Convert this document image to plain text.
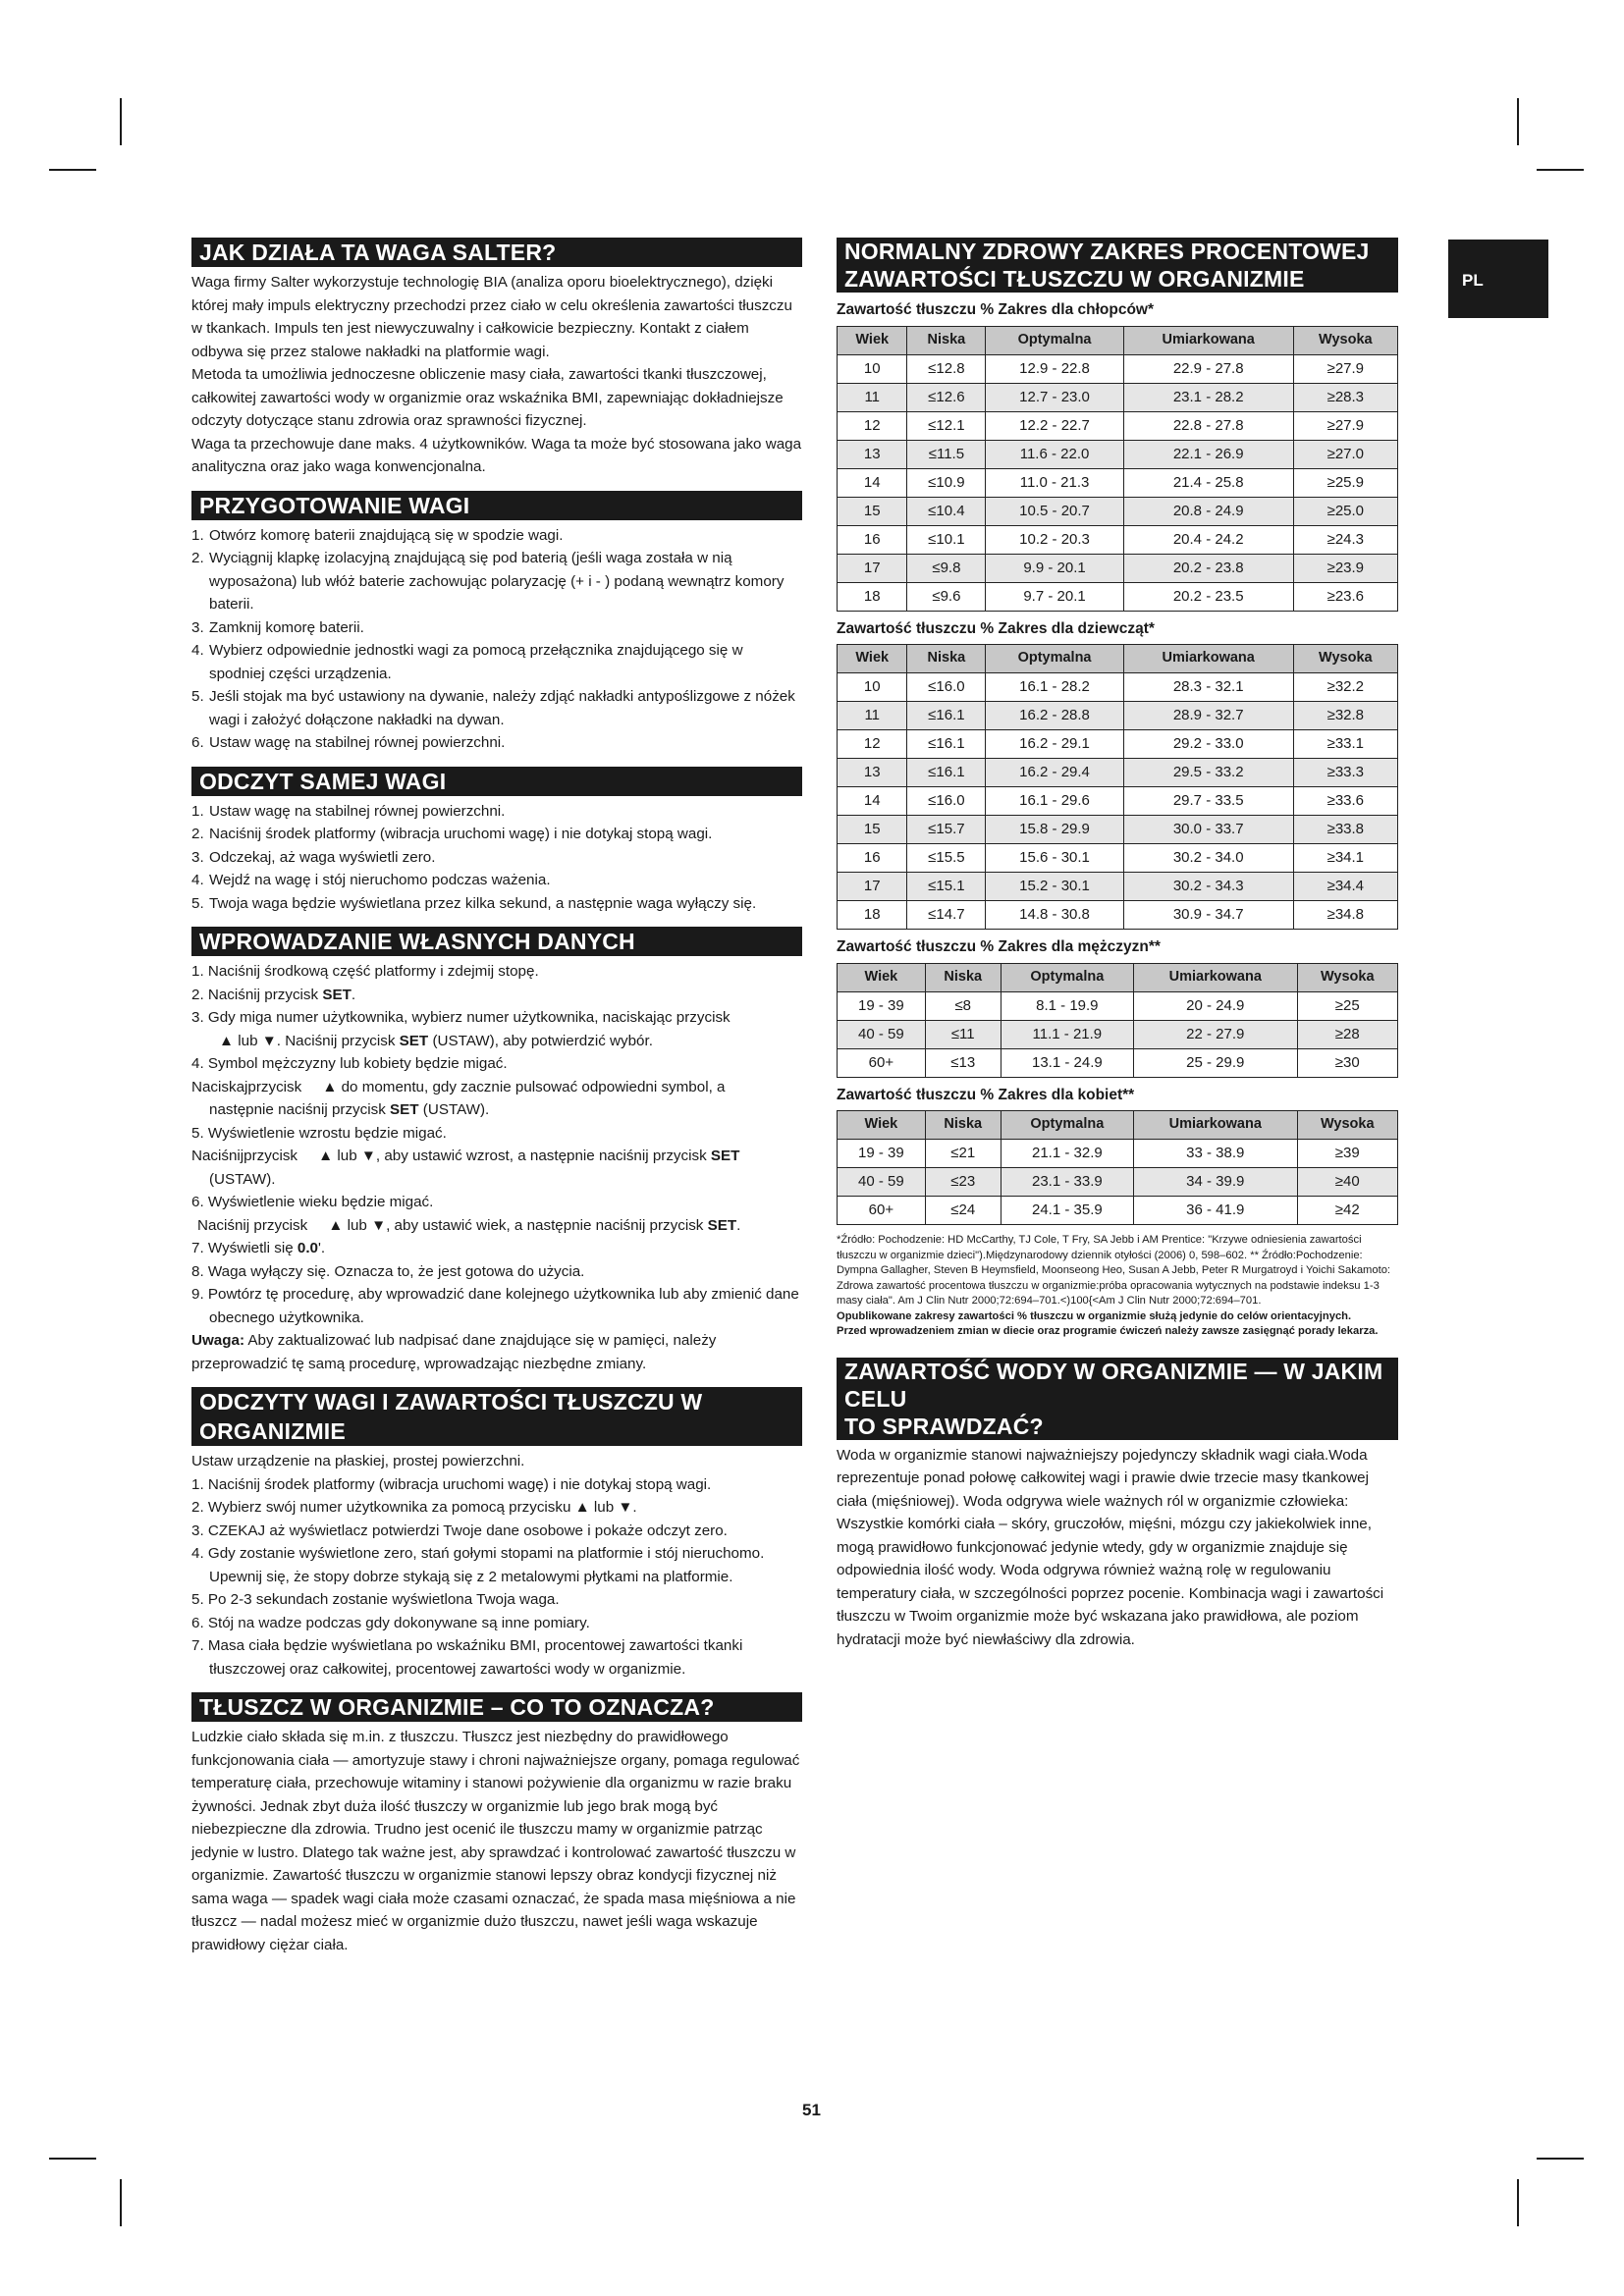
PL
JAK DZIAŁA TA WAGA SALTER?

Waga firmy Salter wykorzystuje technologię BIA (analiza oporu bioelektrycznego), dzięki której mały impuls elektryczny przechodzi przez ciało w celu określenia zawartości tłuszczu w tkankach. Impuls ten jest niewyczuwalny i całkowicie bezpieczny. Kontakt z ciałem odbywa się przez stalowe nakładki na platformie wagi.

Metoda ta umożliwia jednoczesne obliczenie masy ciała, zawartości tkanki tłuszczowej, całkowitej zawartości wody w organizmie oraz wskaźnika BMI, zapewniając dokładniejsze odczyty dotyczące stanu zdrowia oraz sprawności fizycznej.

Waga ta przechowuje dane maks. 4 użytkowników. Waga ta może być stosowana jako waga analityczna oraz jako waga konwencjonalna.

PRZYGOTOWANIE WAGI
1. Otwórz komorę baterii znajdującą się w spodzie wagi.
2. Wyciągnij klapkę izolacyjną znajdującą się pod baterią (jeśli waga została w nią wyposażona) lub włóż baterie zachowując polaryzację (+ i - ) podaną wewnątrz komory baterii.
3. Zamknij komorę baterii.
4. Wybierz odpowiednie jednostki wagi za pomocą przełącznika znajdującego się w spodniej części urządzenia.
5. Jeśli stojak ma być ustawiony na dywanie, należy zdjąć nakładki antypoślizgowe z nóżek wagi i założyć dołączone nakładki na dywan.
6. Ustaw wagę na stabilnej równej powierzchni.
ODCZYT SAMEJ WAGI
1. Ustaw wagę na stabilnej równej powierzchni.
2. Naciśnij środek platformy (wibracja uruchomi wagę) i nie dotykaj stopą wagi.
3. Odczekaj, aż waga wyświetli zero.
4. Wejdź na wagę i stój nieruchomo podczas ważenia.
5. Twoja waga będzie wyświetlana przez kilka sekund, a następnie waga wyłączy się.
WPROWADZANIE WŁASNYCH DANYCH

1. Naciśnij środkową część platformy i zdejmij stopę.

2. Naciśnij przycisk SET.

3. Gdy miga numer użytkownika, wybierz numer użytkownika, naciskając przycisk

▲ lub ▼. Naciśnij przycisk SET (USTAW), aby potwierdzić wybór.

4. Symbol mężczyzny lub kobiety będzie migać.

Naciskajprzycisk     ▲ do momentu, gdy zacznie pulsować odpowiedni symbol, a

następnie naciśnij przycisk SET (USTAW).

5. Wyświetlenie wzrostu będzie migać.

Naciśnijprzycisk     ▲ lub ▼, aby ustawić wzrost, a następnie naciśnij przycisk SET

(USTAW).

6. Wyświetlenie wieku będzie migać.

Naciśnij przycisk     ▲ lub ▼, aby ustawić wiek, a następnie naciśnij przycisk SET.

7. Wyświetli się 0.0'.

8. Waga wyłączy się. Oznacza to, że jest gotowa do użycia.

9. Powtórz tę procedurę, aby wprowadzić dane kolejnego użytkownika lub aby zmienić dane obecnego użytkownika.

Uwaga: Aby zaktualizować lub nadpisać dane znajdujące się w pamięci, należy przeprowadzić tę samą procedurę, wprowadzając niezbędne zmiany.

ODCZYTY WAGI I ZAWARTOŚCI TŁUSZCZU W ORGANIZMIE

Ustaw urządzenie na płaskiej, prostej powierzchni.

1. Naciśnij środek platformy (wibracja uruchomi wagę) i nie dotykaj stopą wagi.

2. Wybierz swój numer użytkownika za pomocą przycisku ▲ lub ▼.

3. CZEKAJ aż wyświetlacz potwierdzi Twoje dane osobowe i pokaże odczyt zero.

4. Gdy zostanie wyświetlone zero, stań gołymi stopami na platformie i stój nieruchomo. Upewnij się, że stopy dobrze stykają się z 2 metalowymi płytkami na platformie.

5. Po 2-3 sekundach zostanie wyświetlona Twoja waga.

6. Stój na wadze podczas gdy dokonywane są inne pomiary.

7. Masa ciała będzie wyświetlana po wskaźniku BMI, procentowej zawartości tkanki tłuszczowej oraz całkowitej, procentowej zawartości wody w organizmie.

TŁUSZCZ W ORGANIZMIE – CO TO OZNACZA?

Ludzkie ciało składa się m.in. z tłuszczu. Tłuszcz jest niezbędny do prawidłowego funkcjonowania ciała — amortyzuje stawy i chroni najważniejsze organy, pomaga regulować temperaturę ciała, przechowuje witaminy i stanowi pożywienie dla organizmu w razie braku żywności. Jednak zbyt duża ilość tłuszczy w organizmie lub jego brak mogą być niebezpieczne dla zdrowia. Trudno jest ocenić ile tłuszczu mamy w organizmie patrząc jedynie w lustro. Dlatego tak ważne jest, aby sprawdzać i kontrolować zawartość tłuszczu w organizmie. Zawartość tłuszczu w organizmie stanowi lepszy obraz kondycji fizycznej niż sama waga — spadek wagi ciała może czasami oznaczać, że spada masa mięśniowa a nie tłuszcz — nadal możesz mieć w organizmie dużo tłuszczu, nawet jeśli waga wskazuje prawidłowy ciężar ciała.

NORMALNY ZDROWY ZAKRES PROCENTOWEJ
ZAWARTOŚCI TŁUSZCZU W ORGANIZMIE
Zawartość tłuszczu % Zakres dla chłopców*
Wiek	Niska	Optymalna	Umiarkowana	Wysoka
10	≤12.8	12.9 - 22.8	22.9 - 27.8	≥27.9
11	≤12.6	12.7 - 23.0	23.1 - 28.2	≥28.3
12	≤12.1	12.2 - 22.7	22.8 - 27.8	≥27.9
13	≤11.5	11.6 - 22.0	22.1 - 26.9	≥27.0
14	≤10.9	11.0 - 21.3	21.4 - 25.8	≥25.9
15	≤10.4	10.5 - 20.7	20.8 - 24.9	≥25.0
16	≤10.1	10.2 - 20.3	20.4 - 24.2	≥24.3
17	≤9.8	9.9 - 20.1	20.2 - 23.8	≥23.9
18	≤9.6	9.7 - 20.1	20.2 - 23.5	≥23.6
Zawartość tłuszczu % Zakres dla dziewcząt*
Wiek	Niska	Optymalna	Umiarkowana	Wysoka
10	≤16.0	16.1 - 28.2	28.3 - 32.1	≥32.2
11	≤16.1	16.2 - 28.8	28.9 - 32.7	≥32.8
12	≤16.1	16.2 - 29.1	29.2 - 33.0	≥33.1
13	≤16.1	16.2 - 29.4	29.5 - 33.2	≥33.3
14	≤16.0	16.1 - 29.6	29.7 - 33.5	≥33.6
15	≤15.7	15.8 - 29.9	30.0 - 33.7	≥33.8
16	≤15.5	15.6 - 30.1	30.2 - 34.0	≥34.1
17	≤15.1	15.2 - 30.1	30.2 - 34.3	≥34.4
18	≤14.7	14.8 - 30.8	30.9 - 34.7	≥34.8
Zawartość tłuszczu % Zakres dla mężczyzn**
Wiek	Niska	Optymalna	Umiarkowana	Wysoka
19 - 39	≤8	8.1 - 19.9	20 - 24.9	≥25
40 - 59	≤11	11.1 - 21.9	22 - 27.9	≥28
60+	≤13	13.1 - 24.9	25 - 29.9	≥30
Zawartość tłuszczu % Zakres dla kobiet**
Wiek	Niska	Optymalna	Umiarkowana	Wysoka
19 - 39	≤21	21.1 - 32.9	33 - 38.9	≥39
40 - 59	≤23	23.1 - 33.9	34 - 39.9	≥40
60+	≤24	24.1 - 35.9	36 - 41.9	≥42
*Źródło: Pochodzenie: HD McCarthy, TJ Cole, T Fry, SA Jebb i AM Prentice: "Krzywe odniesienia zawartości tłuszczu w organizmie dzieci").Międzynarodowy dziennik otyłości (2006) 0, 598–602. ** Źródło:Pochodzenie: Dympna Gallagher, Steven B Heymsfield, Moonseong Heo, Susan A Jebb, Peter R Murgatroyd i Yoichi Sakamoto: Zdrowa zawartość procentowa tłuszczu w organizmie:próba opracowania wytycznych na podstawie indeksu 1-3 masy ciała". Am J Clin Nutr 2000;72:694–701.<)100{<Am J Clin Nutr 2000;72:694–701.
Opublikowane zakresy zawartości % tłuszczu w organizmie służą jedynie do celów orientacyjnych.
Przed wprowadzeniem zmian w diecie oraz programie ćwiczeń należy zawsze zasięgnąć porady lekarza.
ZAWARTOŚĆ WODY W ORGANIZMIE — W JAKIM CELU
TO SPRAWDZAĆ?

Woda w organizmie stanowi najważniejszy pojedynczy składnik wagi ciała.Woda reprezentuje ponad połowę całkowitej wagi i prawie dwie trzecie masy tkankowej ciała (mięśniowej). Woda odgrywa wiele ważnych ról w organizmie człowieka:

Wszystkie komórki ciała – skóry, gruczołów, mięśni, mózgu czy jakiekolwiek inne, mogą prawidłowo funkcjonować jedynie wtedy, gdy w organizmie znajduje się odpowiednia ilość wody. Woda odgrywa również ważną rolę w regulowaniu temperatury ciała, w szczególności poprzez pocenie. Kombinacja wagi i zawartości tłuszczu w Twoim organizmie może być wskazana jako prawidłowa, ale poziom hydratacji może być niewłaściwy dla zdrowia.

51
